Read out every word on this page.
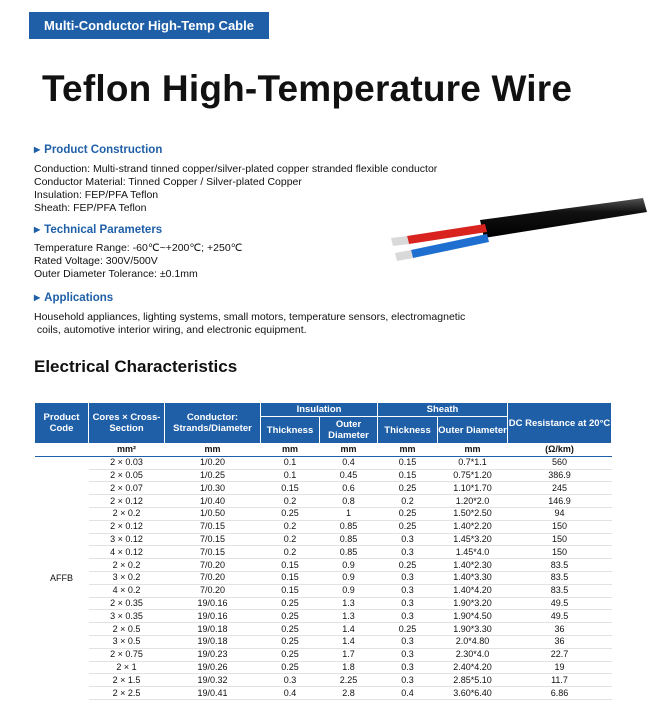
Multi-Conductor High-Temp Cable
Teflon High-Temperature Wire
▶ Product Construction
Conduction: Multi-strand tinned copper/silver-plated copper stranded flexible conductor
Conductor Material: Tinned Copper / Silver-plated Copper
Insulation: FEP/PFA Teflon
Sheath: FEP/PFA Teflon
▶ Technical Parameters
Temperature Range: -60℃~+200℃; +250℃
Rated Voltage: 300V/500V
Outer Diameter Tolerance: ±0.1mm
▶ Applications
Household appliances, lighting systems, small motors, temperature sensors, electromagnetic
coils, automotive interior wiring, and electronic equipment.
Electrical Characteristics
Product Code	Cores × Cross-Section	Conductor: Strands/Diameter	Insulation		Sheath		DC Resistance at 20°C
			Thickness	Outer Diameter	Thickness	Outer Diameter	
	mm²	mm	mm	mm	mm	mm	(Ω/km)
AFFB	2 × 0.03	1/0.20	0.1	0.4	0.15	0.7*1.1	560
	2 × 0.05	1/0.25	0.1	0.45	0.15	0.75*1.20	386.9
	2 × 0.07	1/0.30	0.15	0.6	0.25	1.10*1.70	245
	2 × 0.12	1/0.40	0.2	0.8	0.2	1.20*2.0	146.9
	2 × 0.2	1/0.50	0.25	1	0.25	1.50*2.50	94
	2 × 0.12	7/0.15	0.2	0.85	0.25	1.40*2.20	150
	3 × 0.12	7/0.15	0.2	0.85	0.3	1.45*3.20	150
	4 × 0.12	7/0.15	0.2	0.85	0.3	1.45*4.0	150
	2 × 0.2	7/0.20	0.15	0.9	0.25	1.40*2.30	83.5
	3 × 0.2	7/0.20	0.15	0.9	0.3	1.40*3.30	83.5
	4 × 0.2	7/0.20	0.15	0.9	0.3	1.40*4.20	83.5
	2 × 0.35	19/0.16	0.25	1.3	0.3	1.90*3.20	49.5
	3 × 0.35	19/0.16	0.25	1.3	0.3	1.90*4.50	49.5
	2 × 0.5	19/0.18	0.25	1.4	0.25	1.90*3.30	36
	3 × 0.5	19/0.18	0.25	1.4	0.3	2.0*4.80	36
	2 × 0.75	19/0.23	0.25	1.7	0.3	2.30*4.0	22.7
	2 × 1	19/0.26	0.25	1.8	0.3	2.40*4.20	19
	2 × 1.5	19/0.32	0.3	2.25	0.3	2.85*5.10	11.7
	2 × 2.5	19/0.41	0.4	2.8	0.4	3.60*6.40	6.86
